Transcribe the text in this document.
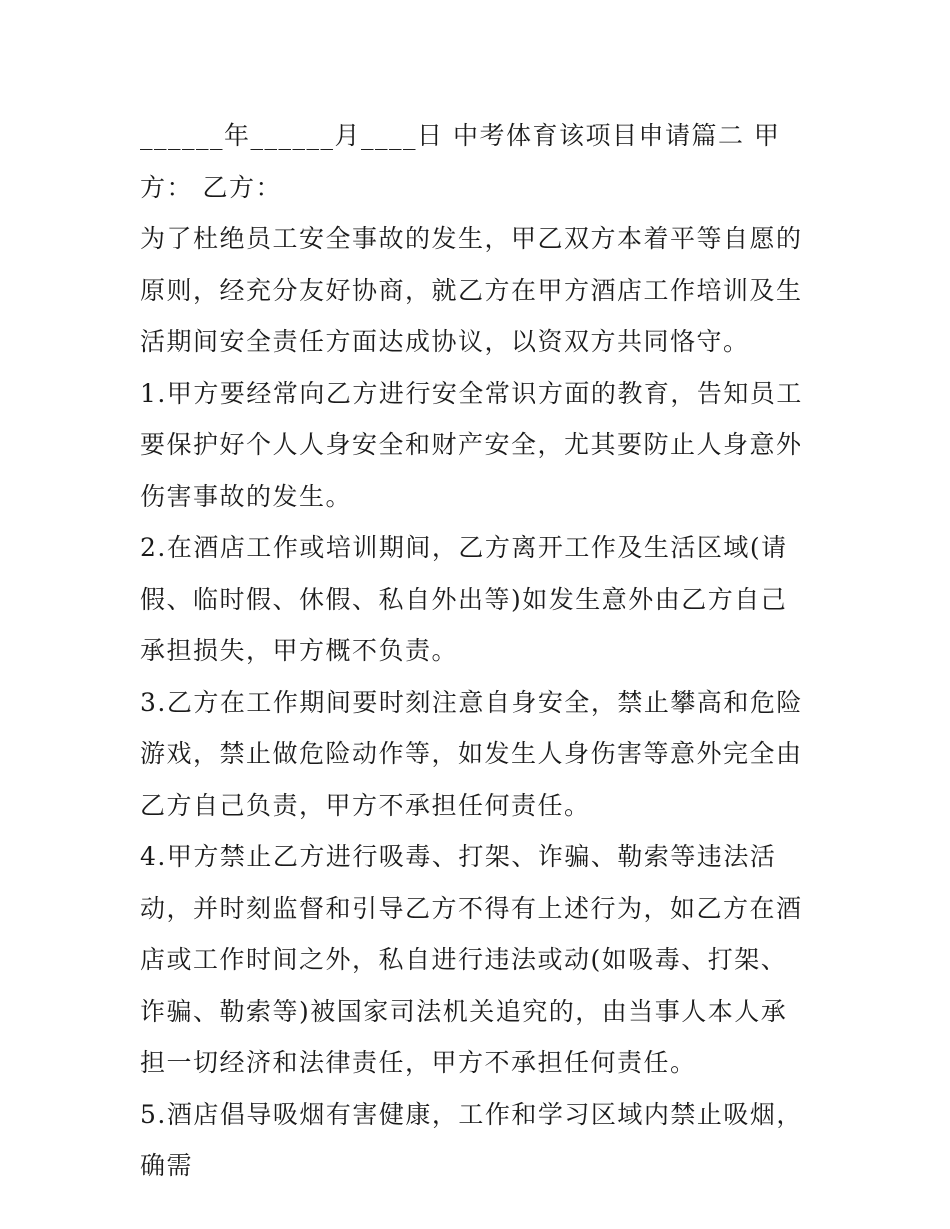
______年______月____日 中考体育该项目申请篇二 甲方： 乙方：

为了杜绝员工安全事故的发生，甲乙双方本着平等自愿的原则，经充分友好协商，就乙方在甲方酒店工作培训及生活期间安全责任方面达成协议，以资双方共同恪守。

1.甲方要经常向乙方进行安全常识方面的教育，告知员工要保护好个人人身安全和财产安全，尤其要防止人身意外伤害事故的发生。

2.在酒店工作或培训期间，乙方离开工作及生活区域(请假、临时假、休假、私自外出等)如发生意外由乙方自己承担损失，甲方概不负责。

3.乙方在工作期间要时刻注意自身安全，禁止攀高和危险游戏，禁止做危险动作等，如发生人身伤害等意外完全由乙方自己负责，甲方不承担任何责任。

4.甲方禁止乙方进行吸毒、打架、诈骗、勒索等违法活动，并时刻监督和引导乙方不得有上述行为，如乙方在酒店或工作时间之外，私自进行违法或动(如吸毒、打架、诈骗、勒索等)被国家司法机关追究的，由当事人本人承担一切经济和法律责任，甲方不承担任何责任。

5.酒店倡导吸烟有害健康，工作和学习区域内禁止吸烟，确需
